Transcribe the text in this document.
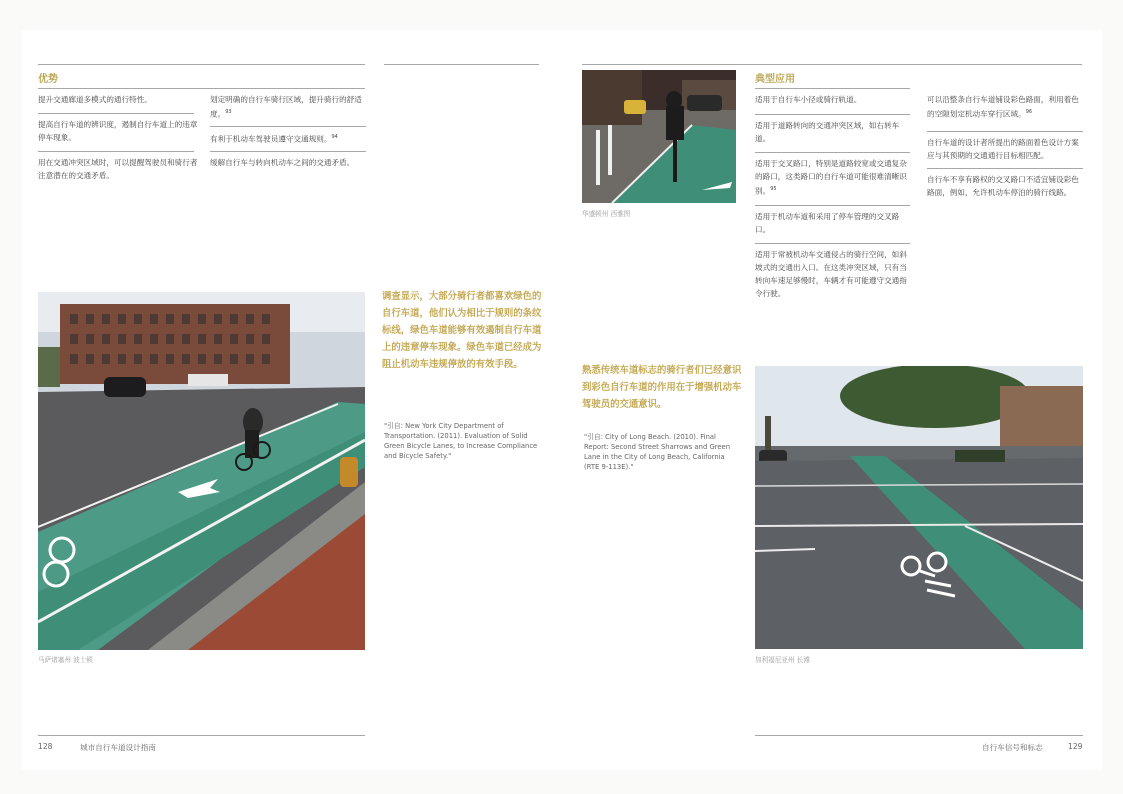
优势
提升交通廊道多模式的通行特性。
提高自行车道的辨识度，遏制自行车道上的违章停车现象。
用在交通冲突区域时，可以提醒驾驶员和骑行者注意潜在的交通矛盾。
划定明确的自行车骑行区域，提升骑行的舒适度。$^{93}$
有利于机动车驾驶员遵守交通规则。$^{94}$
缓解自行车与转向机动车之间的交通矛盾。
马萨诸塞州 波士顿
调查显示，大部分骑行者都喜欢绿色的自行车道，他们认为相比于规则的条纹标线，绿色车道能够有效遏制自行车道上的违章停车现象。绿色车道已经成为阻止机动车违规停放的有效手段。
"引自: New York City Department of Transportation. (2011). Evaluation of Solid Green Bicycle Lanes, to Increase Compliance and Bicycle Safety."
128	城市自行车道设计指南
华盛顿州 西雅图
典型应用
适用于自行车小径或骑行轨道。
适用于道路转向的交通冲突区域，如右转车道。
适用于交叉路口，特别是道路较宽或交通复杂的路口，这类路口的自行车道可能很难清晰识别。$^{95}$
适用于机动车道和采用了停车管理的交叉路口。
适用于常被机动车交通侵占的骑行空间，如斜坡式的交通出入口。在这类冲突区域，只有当转向车速足够慢时，车辆才有可能遵守交通指令行驶。
可以沿整条自行车道铺设彩色路面，利用着色的空隙划定机动车穿行区域。$^{96}$
自行车道的设计者所提出的路面着色设计方案应与其预期的交通通行目标相匹配。
自行车不享有路权的交叉路口不适宜铺设彩色路面，例如，允许机动车停泊的骑行线路。
熟悉传统车道标志的骑行者们已经意识到彩色自行车道的作用在于增强机动车驾驶员的交通意识。
"引自: City of Long Beach. (2010). Final Report: Second Street Sharrows and Green Lane in the City of Long Beach, California (RTE 9-113E)."
加利福尼亚州 长滩
自行车信号和标志	129
